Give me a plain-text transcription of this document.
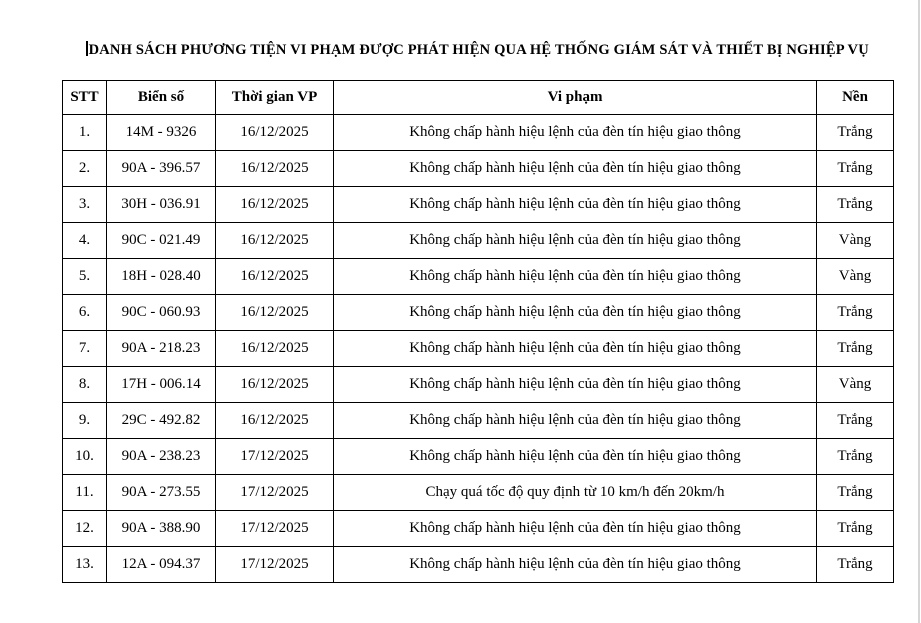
DANH SÁCH PHƯƠNG TIỆN VI PHẠM ĐƯỢC PHÁT HIỆN QUA HỆ THỐNG GIÁM SÁT VÀ THIẾT BỊ NGHIỆP VỤ
STT	Biển số	Thời gian VP	Vi phạm	Nền
1.	14M - 9326	16/12/2025	Không chấp hành hiệu lệnh của đèn tín hiệu giao thông	Trắng
2.	90A - 396.57	16/12/2025	Không chấp hành hiệu lệnh của đèn tín hiệu giao thông	Trắng
3.	30H - 036.91	16/12/2025	Không chấp hành hiệu lệnh của đèn tín hiệu giao thông	Trắng
4.	90C - 021.49	16/12/2025	Không chấp hành hiệu lệnh của đèn tín hiệu giao thông	Vàng
5.	18H - 028.40	16/12/2025	Không chấp hành hiệu lệnh của đèn tín hiệu giao thông	Vàng
6.	90C - 060.93	16/12/2025	Không chấp hành hiệu lệnh của đèn tín hiệu giao thông	Trắng
7.	90A - 218.23	16/12/2025	Không chấp hành hiệu lệnh của đèn tín hiệu giao thông	Trắng
8.	17H - 006.14	16/12/2025	Không chấp hành hiệu lệnh của đèn tín hiệu giao thông	Vàng
9.	29C - 492.82	16/12/2025	Không chấp hành hiệu lệnh của đèn tín hiệu giao thông	Trắng
10.	90A - 238.23	17/12/2025	Không chấp hành hiệu lệnh của đèn tín hiệu giao thông	Trắng
11.	90A - 273.55	17/12/2025	Chạy quá tốc độ quy định từ 10 km/h đến 20km/h	Trắng
12.	90A - 388.90	17/12/2025	Không chấp hành hiệu lệnh của đèn tín hiệu giao thông	Trắng
13.	12A - 094.37	17/12/2025	Không chấp hành hiệu lệnh của đèn tín hiệu giao thông	Trắng
